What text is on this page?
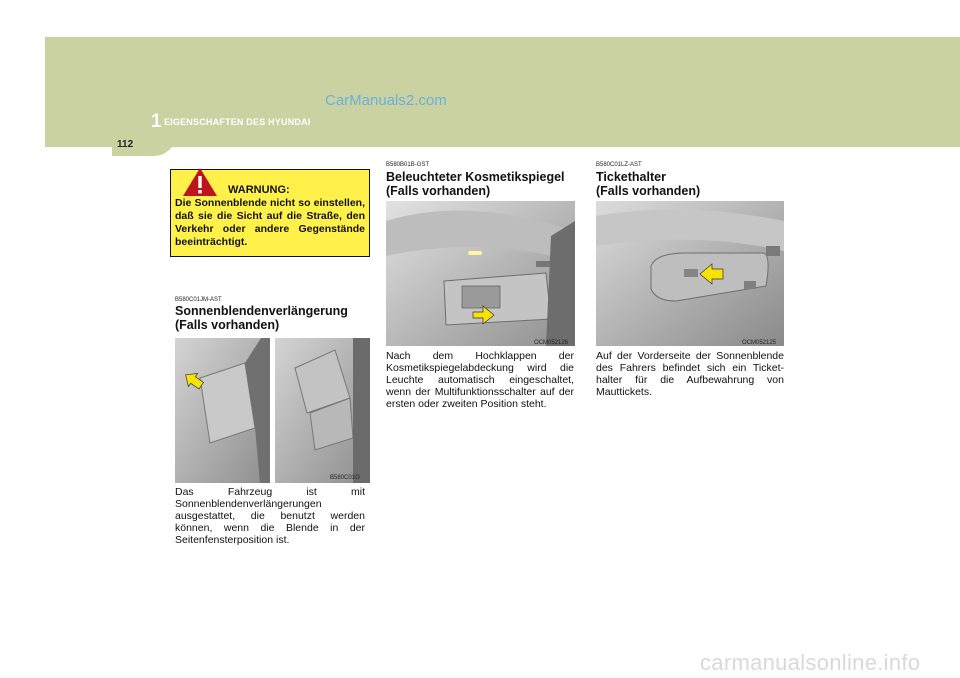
1 EIGENSCHAFTEN DES HYUNDAI
CarManuals2.com
112
WARNUNG:
Die Sonnenblende nicht so einstellen, daß sie die Sicht auf die Straße, den Verkehr oder andere Gegenstände beeinträchtigt.
B580C01JM-AST
Sonnenblendenverlängerung
(Falls vorhanden)
B580C01O
Das Fahrzeug ist mit Sonnenblendenverlängerungen ausgestattet, die benutzt werden können, wenn die Blende in der Seitenfensterposition ist.
B580B01B-GST
Beleuchteter Kosmetikspiegel
(Falls vorhanden)
OCM052126
Nach dem Hochklappen der Kosmetikspiegelabdeckung wird die Leuchte automatisch eingeschaltet, wenn der Multifunktionsschalter auf der ersten oder zweiten Position steht.
B580C01LZ-AST
Tickethalter
(Falls vorhanden)
OCM052125
Auf der Vorderseite der Sonnenblende des Fahrers befindet sich ein Ticket-halter für die Aufbewahrung von Mauttickets.
carmanualsonline.info
